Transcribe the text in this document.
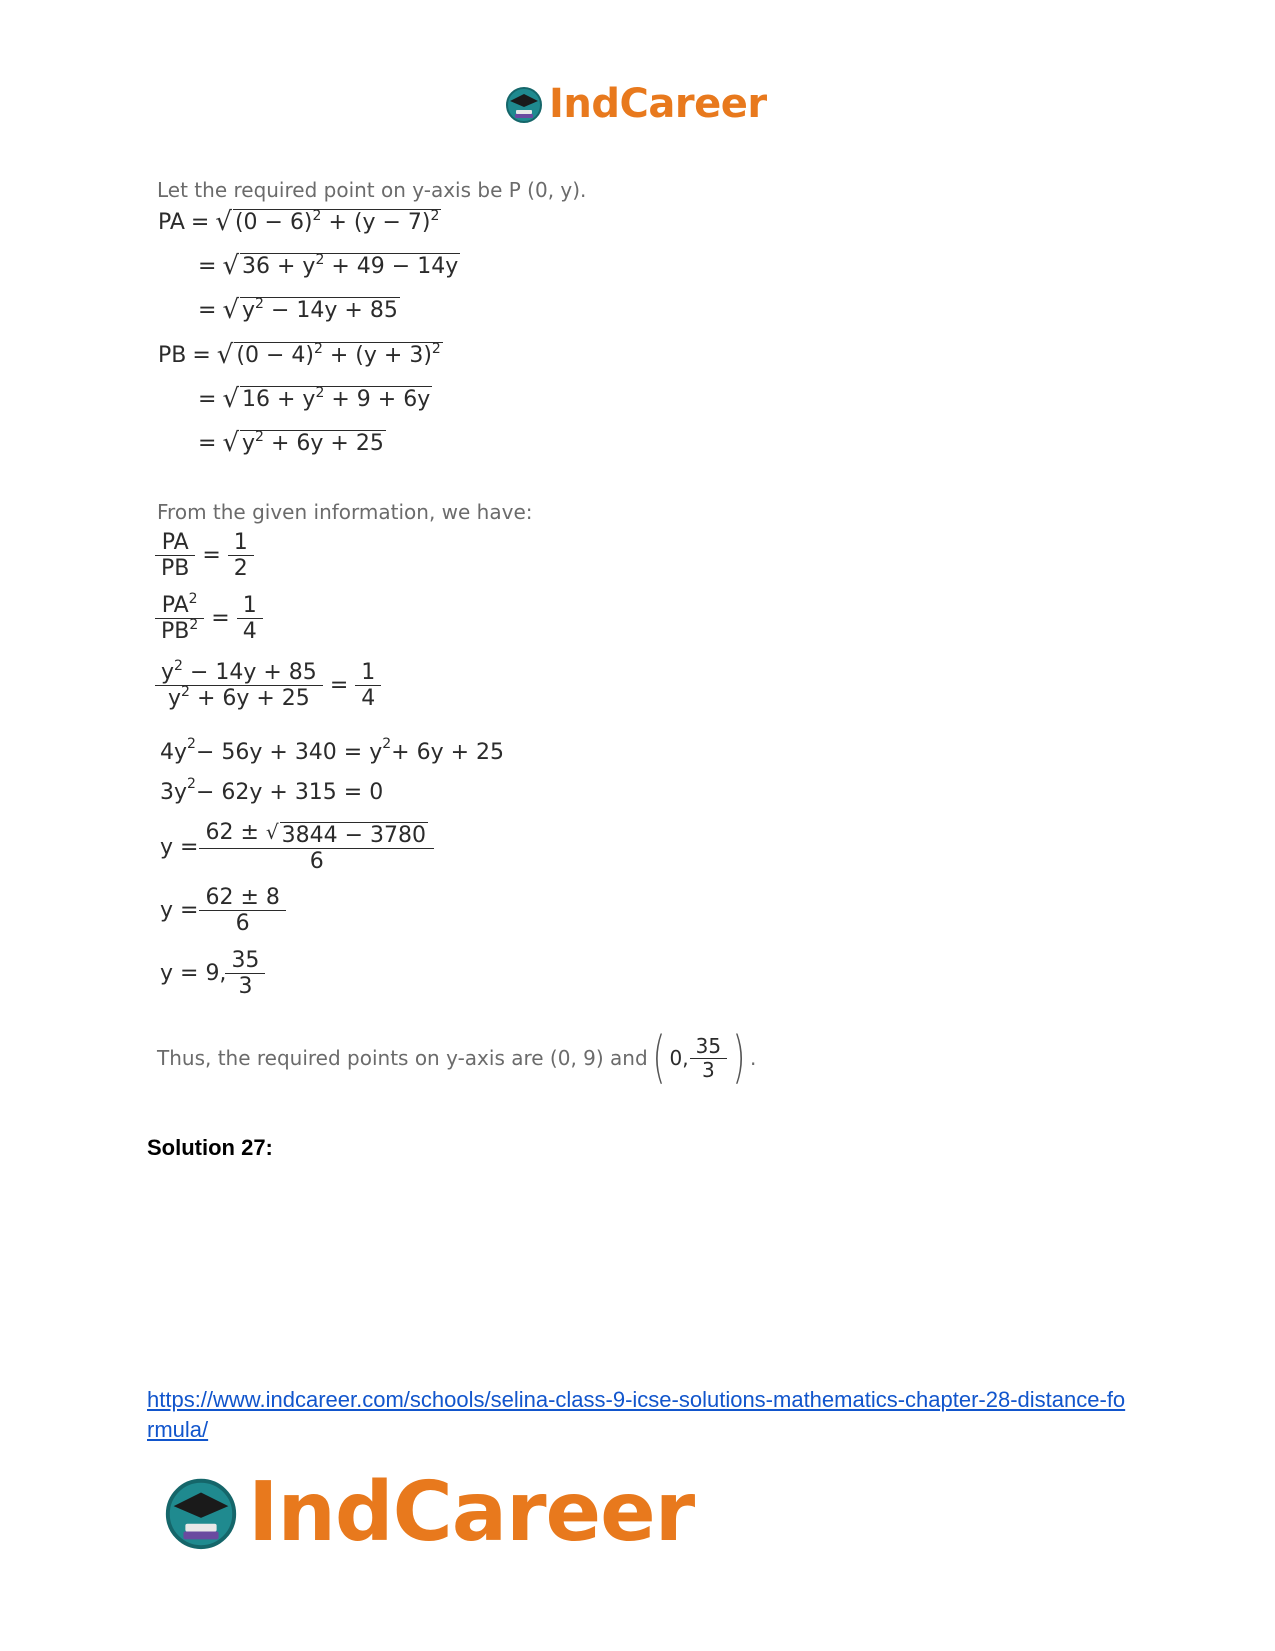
IndCareer
Let the required point on y-axis be P (0, y).
PA = √ $(0 - 6)^2 + (y - 7)^2$
= √ $36 + y^2 + 49 - 14y$
= √ $y^2 - 14y + 85$
PB = √ $(0 - 4)^2 + (y + 3)^2$
= √ $16 + y^2 + 9 + 6y$
= √ $y^2 + 6y + 25$
From the given information, we have:
$\frac{PA}{PB} = \frac{1}{2}$
$\frac{PA^2}{PB^2} = \frac{1}{4}$
$\frac{y^2 - 14y + 85}{y^2 + 6y + 25} = \frac{1}{4}$
4y 2 − 56y + 340 = y 2 + 6y + 25
3y 2 − 62y + 315 = 0
$y = \frac{62 \pm √ 3844 - 3780}{6}$
$y = \frac{62 \pm 8}{6}$
y = 9, $\frac{35}{3}$
Thus, the required points on y-axis are (0, 9) and ( 0, $\frac{35}{3}$ ) .
Solution 27:
https://www.indcareer.com/schools/selina-class-9-icse-solutions-mathematics-chapter-28-distance-formula/
IndCareer
